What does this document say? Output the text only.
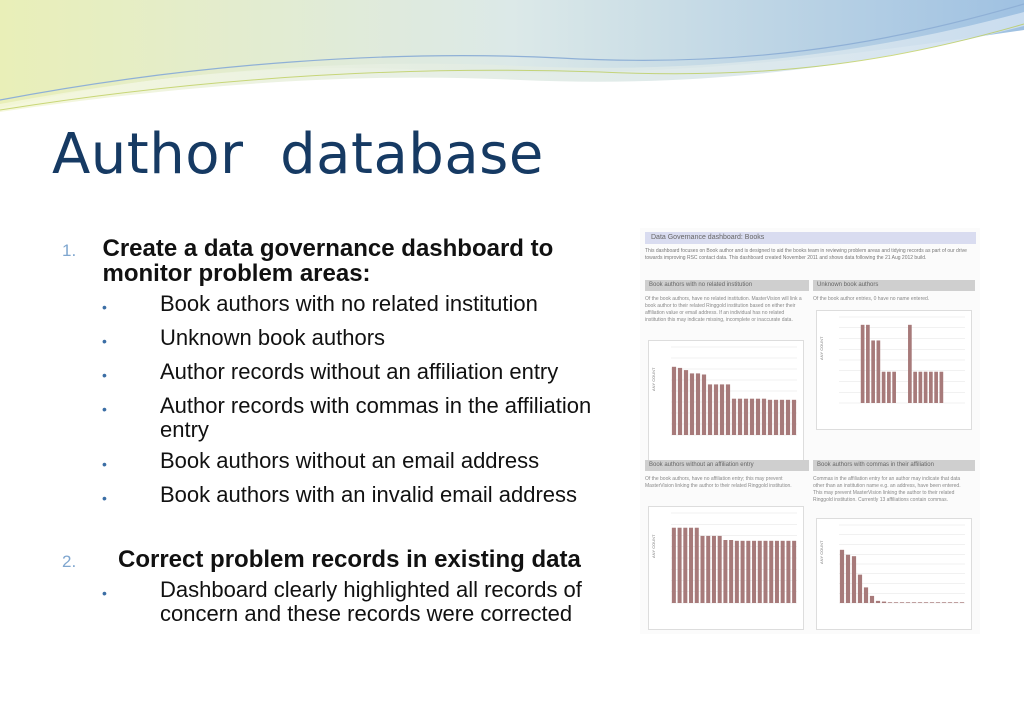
Author  database
1.	Create a data governance dashboard to monitor problem areas:
•	Book authors with no related institution
•	Unknown book authors
•	Author records without an affiliation entry
•	Author records with commas in the affiliation entry
•	Book authors without an email address
•	Book authors with an invalid email address
2.	Correct problem records in existing data
•	Dashboard clearly highlighted all records of concern and these records were corrected
Data Governance dashboard: Books
This dashboard focuses on Book author and is designed to aid the books team in reviewing problem areas and tidying records as part of our drive towards improving RSC contact data. This dashboard created November 2011 and shows data following the 21 Aug 2012 build.
Book authors with no related institution
Of the book authors, have no related institution. MasterVision will link a book author to their related Ringgold institution based on either their affiliation value or email address. If an individual has no related institution this may indicate missing, incomplete or inaccurate data.
ANY COUNT
Unknown book authors
Of the book author entries, 0 have no name entered.
ANY COUNT
Book authors without an affiliation entry
Of the book authors, have no affiliation entry; this may prevent MasterVision linking the author to their related Ringgold institution.
ANY COUNT
Book authors with commas in their affiliation
Commas in the affiliation entry for an author may indicate that data other than an institution name e.g. an address, have been entered. This may prevent MasterVision linking the author to their related Ringgold institution. Currently 13 affiliations contain commas.
ANY COUNT
